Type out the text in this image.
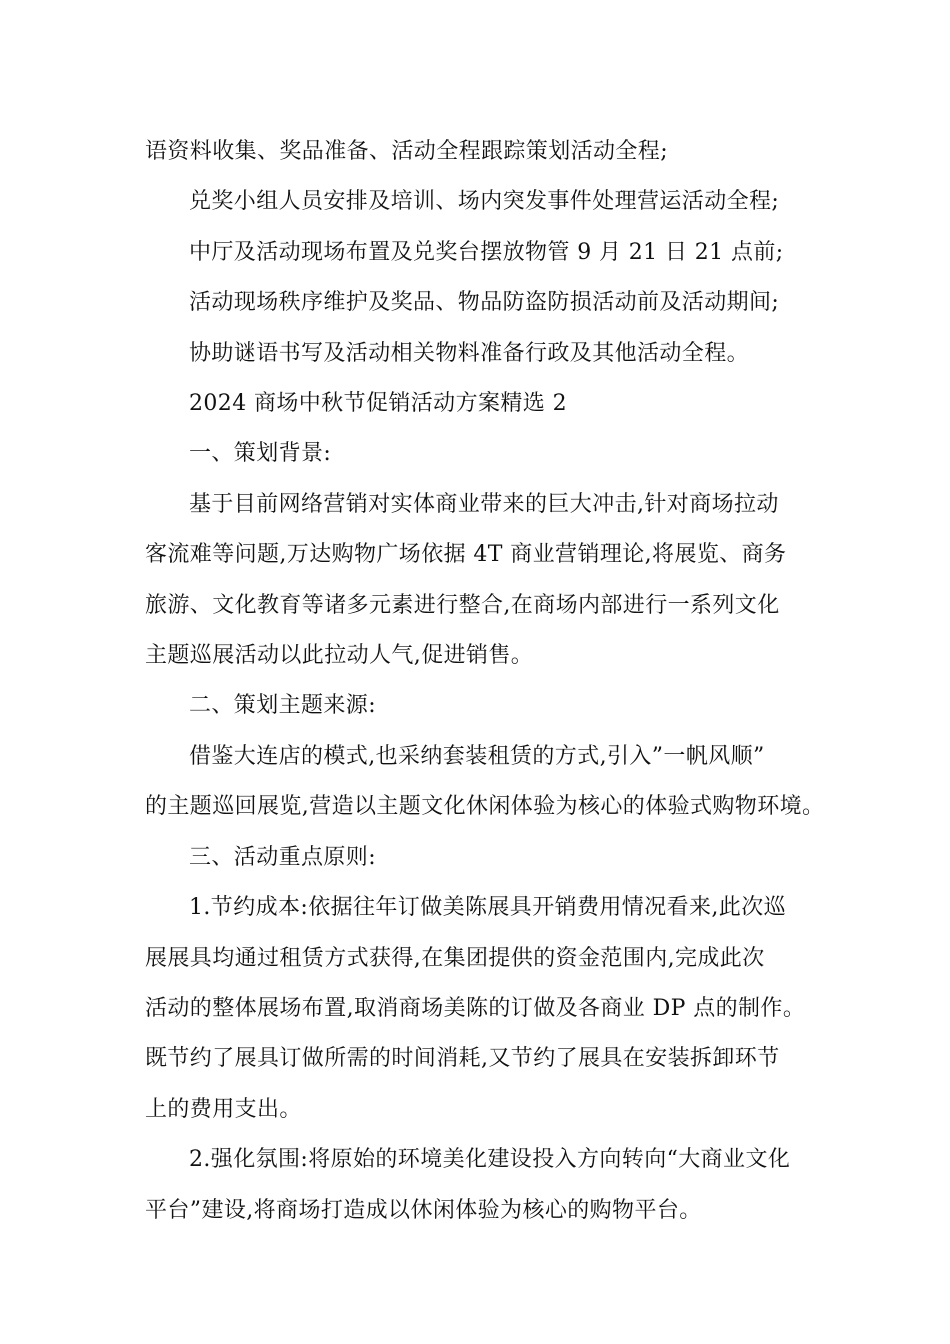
语资料收集、奖品准备、活动全程跟踪策划活动全程;
兑奖小组人员安排及培训、场内突发事件处理营运活动全程;
中厅及活动现场布置及兑奖台摆放物管 9 月 21 日 21 点前;
活动现场秩序维护及奖品、物品防盗防损活动前及活动期间;
协助谜语书写及活动相关物料准备行政及其他活动全程。
2024 商场中秋节促销活动方案精选 2
一、策划背景:
基于目前网络营销对实体商业带来的巨大冲击,针对商场拉动
客流难等问题,万达购物广场依据 4T 商业营销理论,将展览、商务
旅游、文化教育等诸多元素进行整合,在商场内部进行一系列文化
主题巡展活动以此拉动人气,促进销售。
二、策划主题来源:
借鉴大连店的模式,也采纳套装租赁的方式,引入”一帆风顺”
的主题巡回展览,营造以主题文化休闲体验为核心的体验式购物环境。
三、活动重点原则:
1.节约成本:依据往年订做美陈展具开销费用情况看来,此次巡
展展具均通过租赁方式获得,在集团提供的资金范围内,完成此次
活动的整体展场布置,取消商场美陈的订做及各商业 DP 点的制作。
既节约了展具订做所需的时间消耗,又节约了展具在安装拆卸环节
上的费用支出。
2.强化氛围:将原始的环境美化建设投入方向转向“大商业文化
平台”建设,将商场打造成以休闲体验为核心的购物平台。
